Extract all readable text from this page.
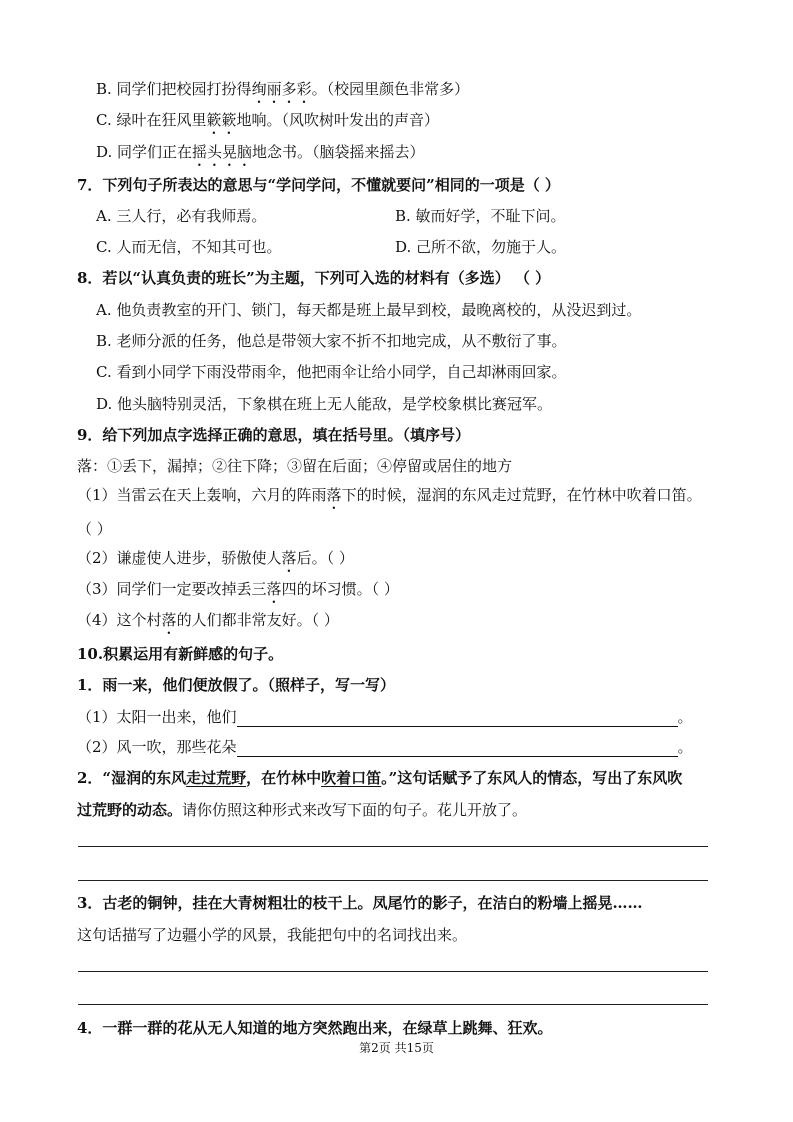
B. 同学们把校园打扮得绚丽多彩。（校园里颜色非常多）
C. 绿叶在狂风里簌簌地响。（风吹树叶发出的声音）
D. 同学们正在摇头晃脑地念书。（脑袋摇来摇去）
7．下列句子所表达的意思与“学问学问，不懂就要问”相同的一项是（ ）
A. 三人行，必有我师焉。	B. 敏而好学，不耻下问。
C. 人而无信，不知其可也。	D. 己所不欲，勿施于人。
8．若以“认真负责的班长”为主题，下列可入选的材料有（多选） （ ）
A. 他负责教室的开门、锁门，每天都是班上最早到校，最晚离校的，从没迟到过。
B. 老师分派的任务，他总是带领大家不折不扣地完成，从不敷衍了事。
C. 看到小同学下雨没带雨伞，他把雨伞让给小同学，自己却淋雨回家。
D. 他头脑特别灵活，下象棋在班上无人能敌，是学校象棋比赛冠军。
9．给下列加点字选择正确的意思，填在括号里。（填序号）
落：①丢下，漏掉；②往下降；③留在后面；④停留或居住的地方
（1）当雷云在天上轰响，六月的阵雨落下的时候，湿润的东风走过荒野，在竹林中吹着口笛。
（ ）
（2）谦虚使人进步，骄傲使人落后。（ ）
（3）同学们一定要改掉丢三落四的坏习惯。（ ）
（4）这个村落的人们都非常友好。（ ）
10.积累运用有新鲜感的句子。
1．雨一来，他们便放假了。（照样子，写一写）
（1）太阳一出来，他们	。
（2）风一吹，那些花朵	。
2．“湿润的东风走过荒野，在竹林中吹着口笛。”这句话赋予了东风人的情态，写出了东风吹
过荒野的动态。请你仿照这种形式来改写下面的句子。花儿开放了。
3．古老的铜钟，挂在大青树粗壮的枝干上。凤尾竹的影子，在洁白的粉墙上摇晃……
这句话描写了边疆小学的风景，我能把句中的名词找出来。
4．一群一群的花从无人知道的地方突然跑出来，在绿草上跳舞、狂欢。
第2页 共15页
